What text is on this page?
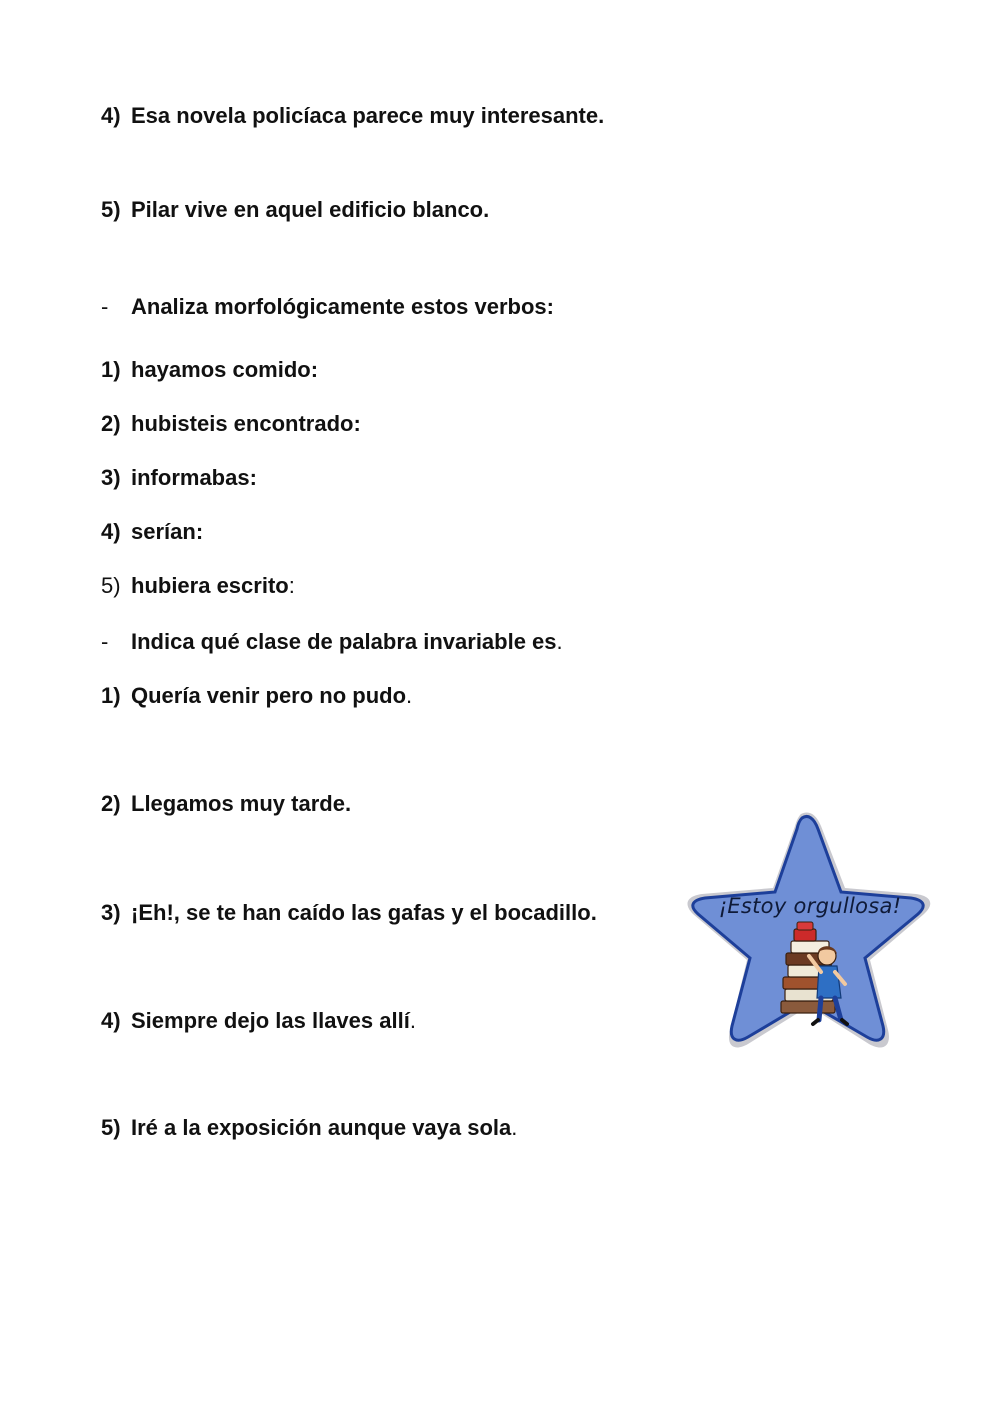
4) Esa novela policíaca parece muy interesante.
5) Pilar vive en aquel edificio blanco.
- Analiza morfológicamente estos verbos:
1) hayamos comido:
2) hubisteis encontrado:
3) informabas:
4) serían:
5) hubiera escrito:
- Indica qué clase de palabra invariable es.
1) Quería venir pero no pudo.
2) Llegamos muy tarde.
3) ¡Eh!, se te han caído las gafas y el bocadillo.
4) Siempre dejo las llaves allí.
5) Iré a la exposición aunque vaya sola.
¡Estoy orgullosa!
